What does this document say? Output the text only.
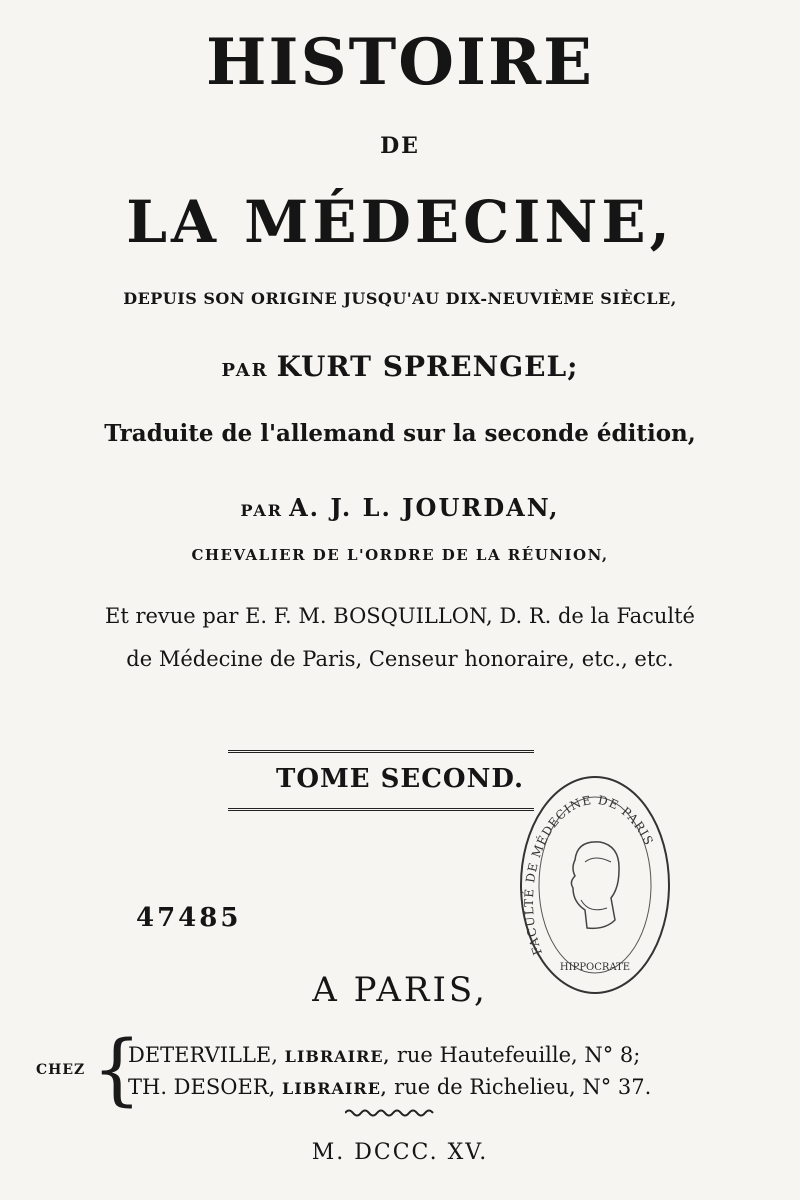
HISTOIRE
DE
LA MÉDECINE,
DEPUIS SON ORIGINE JUSQU'AU DIX-NEUVIÈME SIÈCLE,
PAR KURT SPRENGEL;
Traduite de l'allemand sur la seconde édition,
PAR A. J. L. JOURDAN,
CHEVALIER DE L'ORDRE DE LA RÉUNION,
Et revue par E. F. M. BOSQUILLON, D. R. de la Faculté
de Médecine de Paris, Censeur honoraire, etc., etc.
TOME SECOND.
FACULTÉ DE MÉDECINE DE PARIS
HIPPOCRATE
47485
A PARIS,
CHEZ {
DETERVILLE, LIBRAIRE, rue Hautefeuille, N° 8;
TH. DESOER, LIBRAIRE, rue de Richelieu, N° 37.
M. DCCC. XV.
